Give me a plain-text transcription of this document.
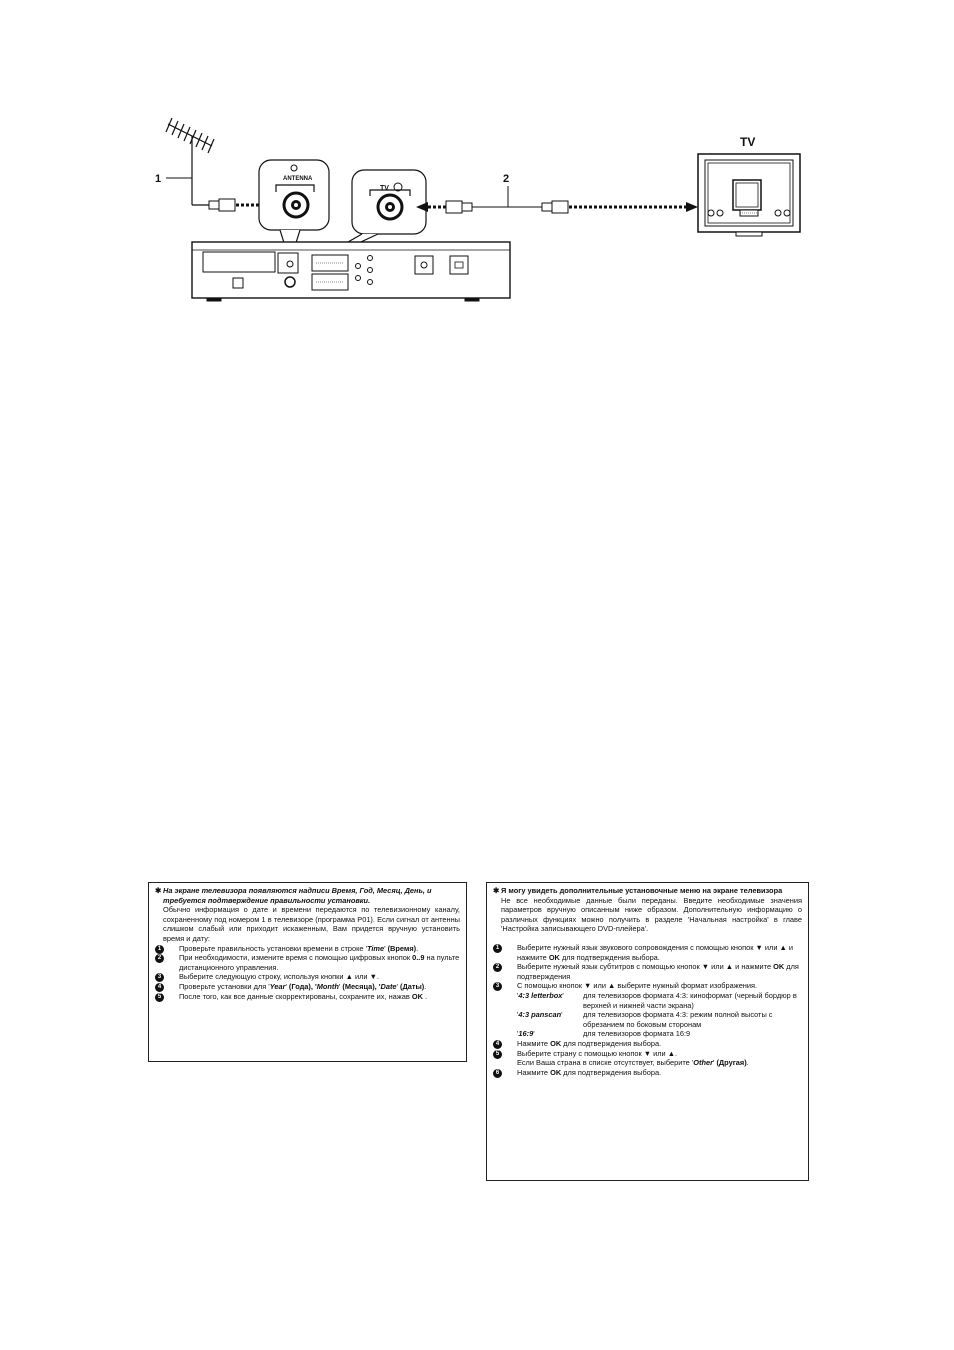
1	ANTENNA
TV
2
TV
✱ На экране телевизора появляются надписи Время, Год, Месяц, День, и требуется подтверждение правильности установки.
Обычно информация о дате и времени передаются по телевизионному каналу, сохраненному под номером 1 в телевизоре (программа P01). Если сигнал от антенны слишком слабый или приходит искаженным, Вам придется вручную установить время и дату:
1	Проверьте правильность установки времени в строке 'Time' (Время).
2	При необходимости, измените время с помощью цифровых кнопок 0..9 на пульте дистанционного управления.
3	Выберите следующую строку, используя кнопки ▲ или ▼.
4	Проверьте установки для 'Year' (Года), 'Month' (Месяца), 'Date' (Даты).
5	После того, как все данные скорректированы, сохраните их, нажав OK .
✱ Я могу увидеть дополнительные установочные меню на экране телевизора
Не все необходимые данные были переданы. Введите необходимые значения параметров вручную описанным ниже образом. Дополнительную информацию о различных функциях можно получить в разделе 'Начальная настройка' в главе 'Настройка записывающего DVD-плейера'.
1	Выберите нужный язык звукового сопровождения с помощью кнопок ▼ или ▲ и нажмите OK для подтверждения выбора.
2	Выберите нужный язык субтитров с помощью кнопок ▼ или ▲ и нажмите OK для подтверждения
3	С помощью кнопок ▼ или ▲ выберите нужный формат изображения.
'4:3 letterbox'	для телевизоров формата 4:3: киноформат (черный бордюр в верхней и нижней части экрана)
'4:3 panscan'	для телевизоров формата 4:3: режим полной высоты с обрезанием по боковым сторонам
'16:9'	для телевизоров формата 16:9
4	Нажмите OK для подтверждения выбора.
5	Выберите страну с помощью кнопок ▼ или ▲.
Если Ваша страна в списке отсутствует, выберите 'Other' (Другая).
6	Нажмите OK для подтверждения выбора.
